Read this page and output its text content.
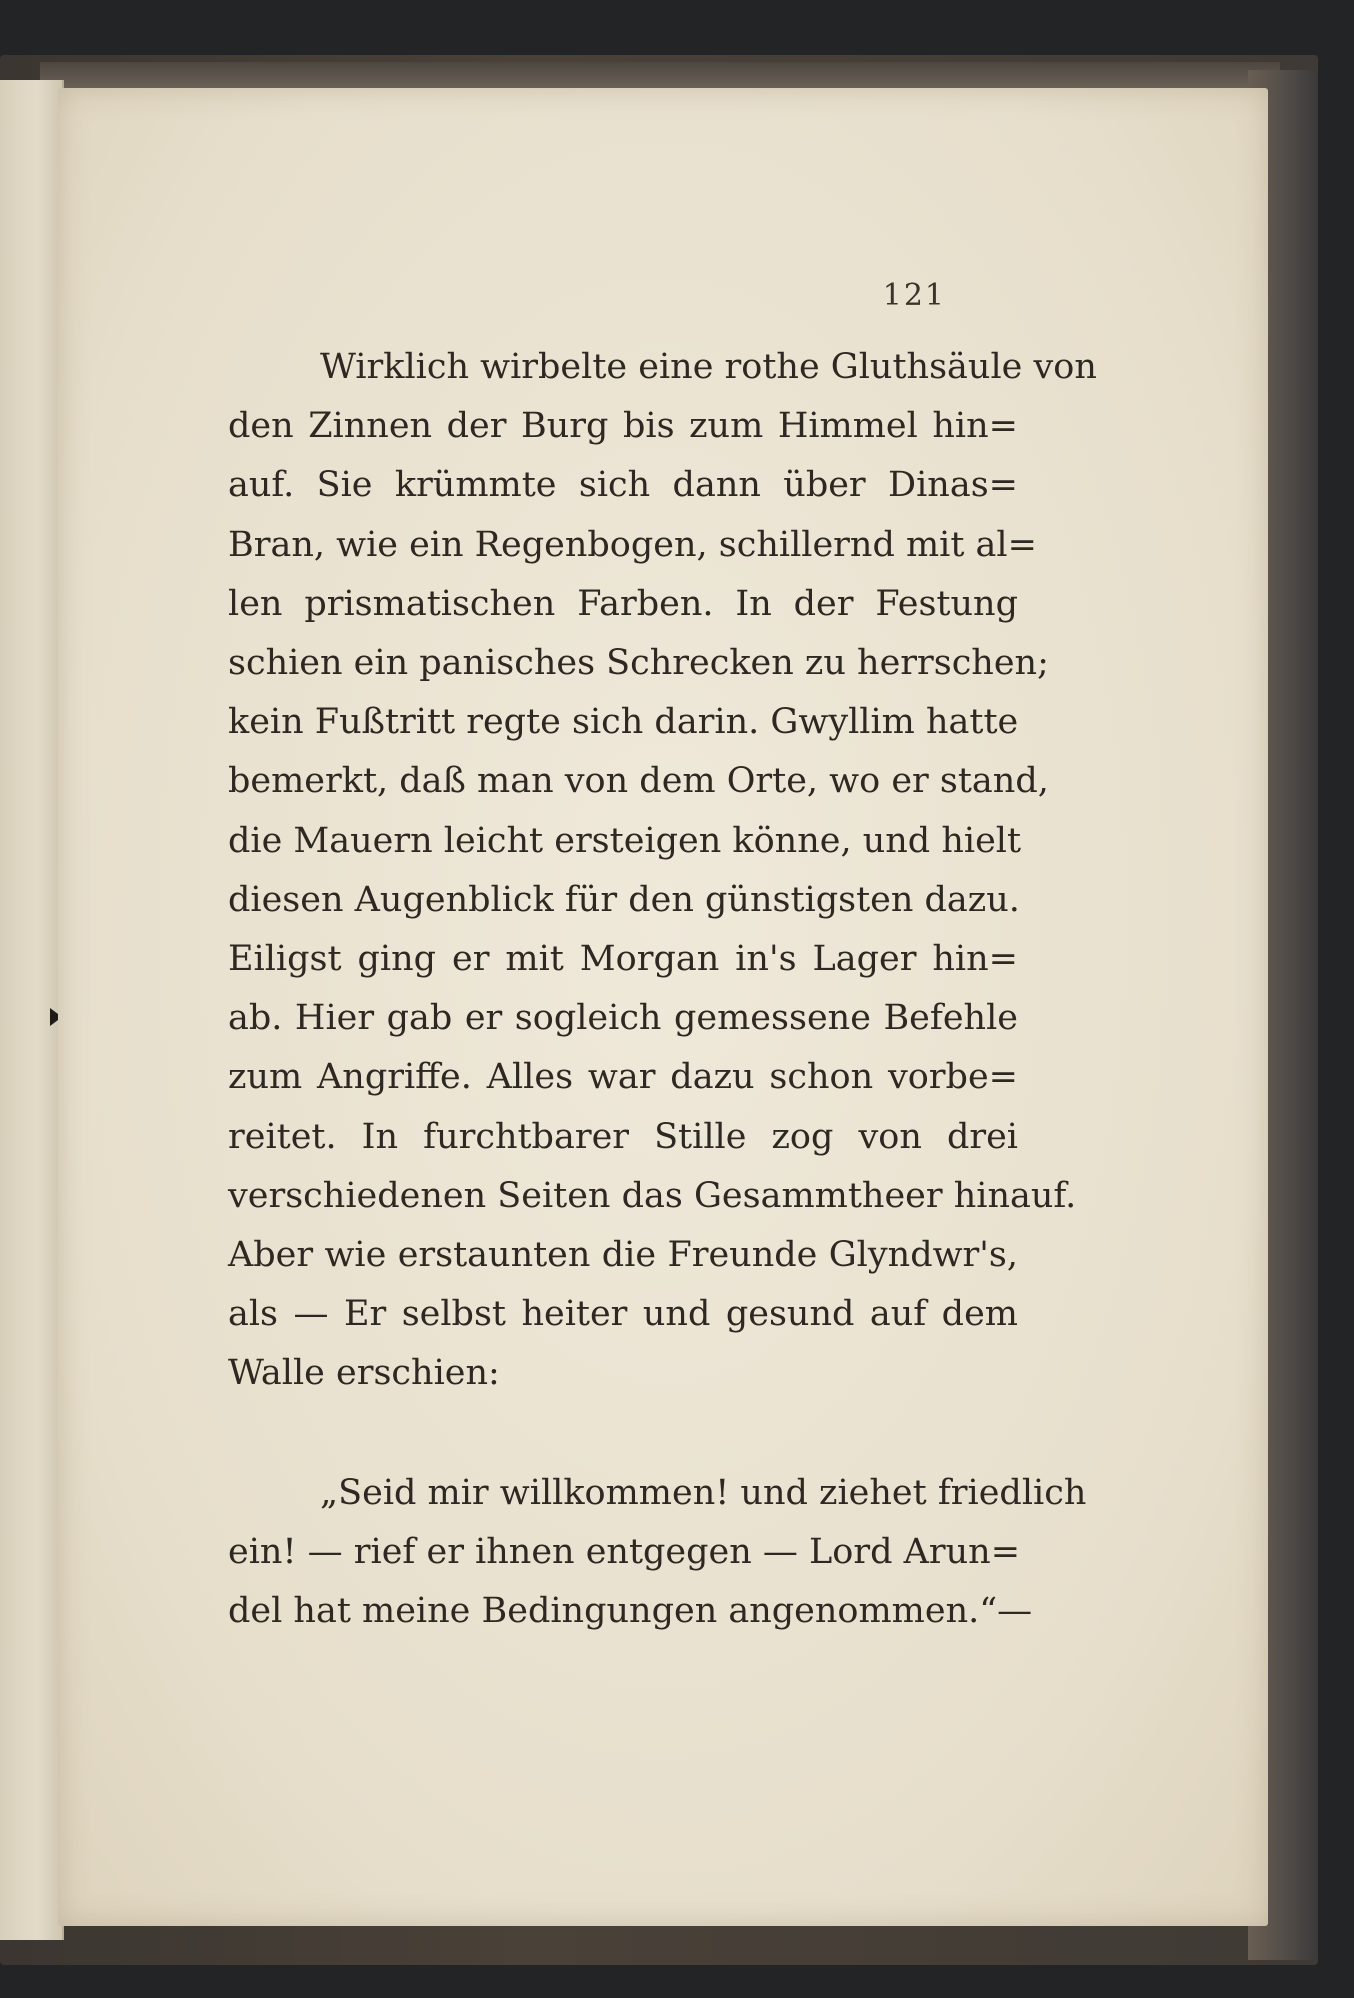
121
Wirklich wirbelte eine rothe Gluthsäule von
den Zinnen der Burg bis zum Himmel hin=
auf. Sie krümmte sich dann über Dinas=
Bran, wie ein Regenbogen, schillernd mit al=
len prismatischen Farben. In der Festung
schien ein panisches Schrecken zu herrschen;
kein Fußtritt regte sich darin. Gwyllim hatte
bemerkt, daß man von dem Orte, wo er stand,
die Mauern leicht ersteigen könne, und hielt
diesen Augenblick für den günstigsten dazu.
Eiligst ging er mit Morgan in's Lager hin=
ab. Hier gab er sogleich gemessene Befehle
zum Angriffe. Alles war dazu schon vorbe=
reitet. In furchtbarer Stille zog von drei
verschiedenen Seiten das Gesammtheer hinauf.
Aber wie erstaunten die Freunde Glyndwr's,
als — Er selbst heiter und gesund auf dem
Walle erschien:
„Seid mir willkommen! und ziehet friedlich
ein! — rief er ihnen entgegen — Lord Arun=
del hat meine Bedingungen angenommen.“—
